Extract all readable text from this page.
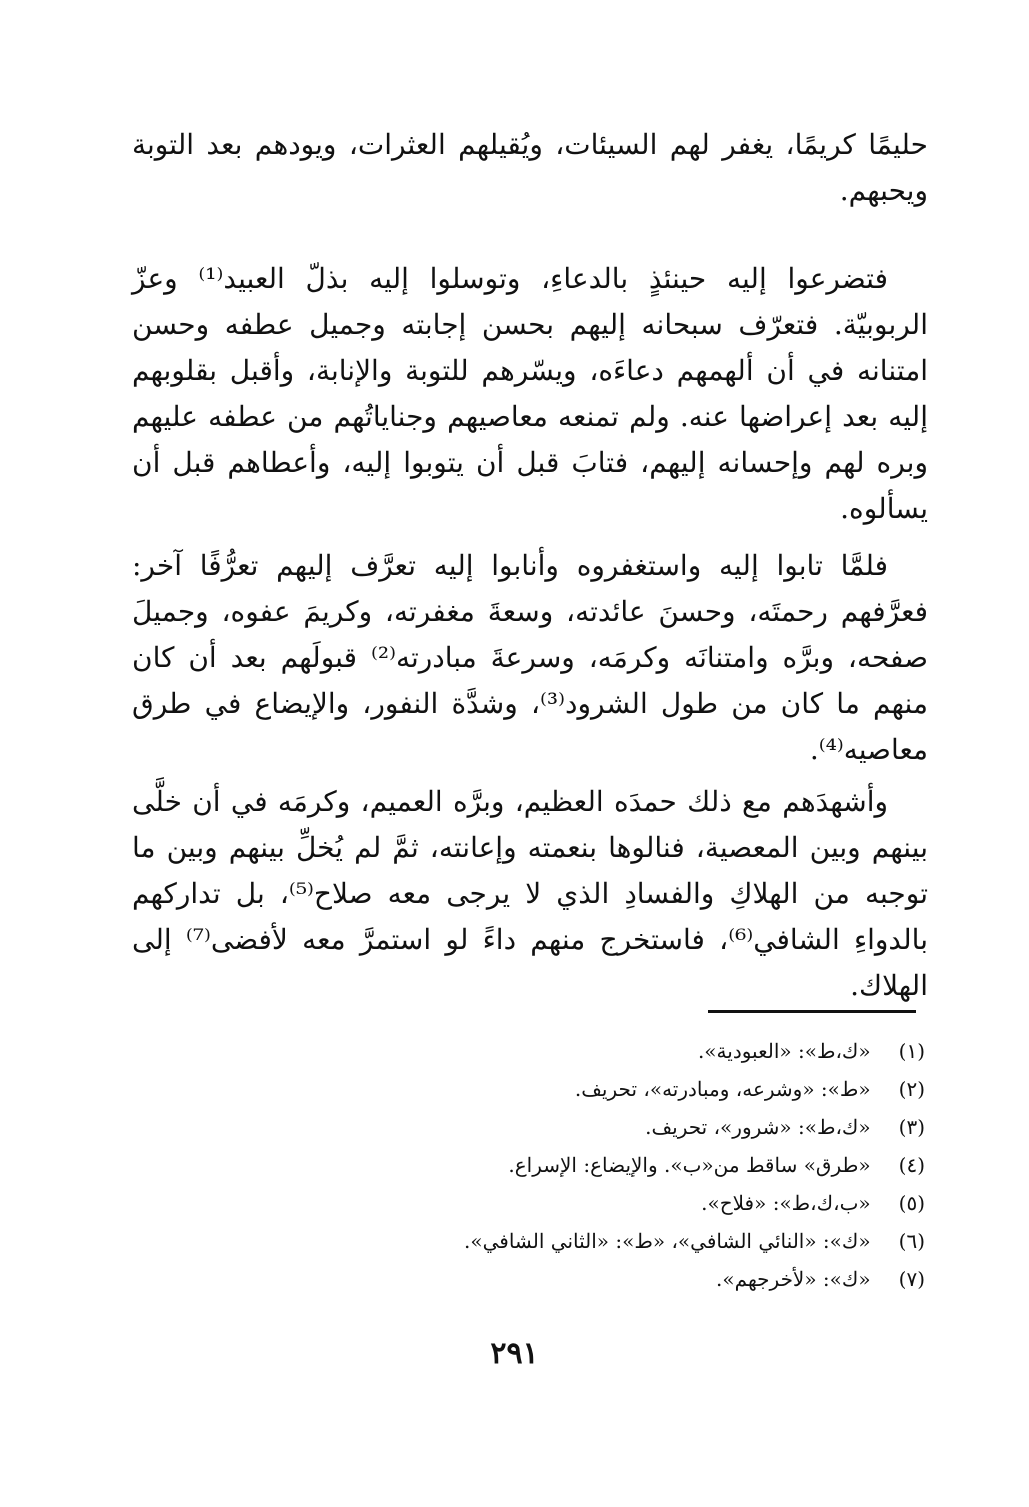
حليمًا كريمًا، يغفر لهم السيئات، ويُقيلهم العثرات، ويودهم بعد التوبة ويحبهم.

فتضرعوا إليه حينئذٍ بالدعاءِ، وتوسلوا إليه بذلّ العبيد⁽¹⁾ وعزّ الربوبيّة. فتعرّف سبحانه إليهم بحسن إجابته وجميل عطفه وحسن امتنانه في أن ألهمهم دعاءَه، ويسّرهم للتوبة والإنابة، وأقبل بقلوبهم إليه بعد إعراضها عنه. ولم تمنعه معاصيهم وجناياتُهم من عطفه عليهم وبره لهم وإحسانه إليهم، فتابَ قبل أن يتوبوا إليه، وأعطاهم قبل أن يسألوه.

فلمَّا تابوا إليه واستغفروه وأنابوا إليه تعرَّف إليهم تعرُّفًا آخر: فعرَّفهم رحمتَه، وحسنَ عائدته، وسعةَ مغفرته، وكريمَ عفوه، وجميلَ صفحه، وبرَّه وامتنانَه وكرمَه، وسرعةَ مبادرته⁽²⁾ قبولَهم بعد أن كان منهم ما كان من طول الشرود⁽³⁾، وشدَّة النفور، والإيضاع في طرق معاصيه⁽⁴⁾.

وأشهدَهم مع ذلك حمدَه العظيم، وبرَّه العميم، وكرمَه في أن خلَّى بينهم وبين المعصية، فنالوها بنعمته وإعانته، ثمَّ لم يُخلِّ بينهم وبين ما توجبه من الهلاكِ والفسادِ الذي لا يرجى معه صلاح⁽⁵⁾، بل تداركهم بالدواءِ الشافي⁽⁶⁾، فاستخرج منهم داءً لو استمرَّ معه لأفضى⁽⁷⁾ إلى الهلاك.

(١) «ك،ط»: «العبودية».
(٢) «ط»: «وشرعه، ومبادرته»، تحريف.
(٣) «ك،ط»: «شرور»، تحريف.
(٤) «طرق» ساقط من«ب». والإيضاع: الإسراع.
(٥) «ب،ك،ط»: «فلاح».
(٦) «ك»: «النائي الشافي»، «ط»: «الثاني الشافي».
(٧) «ك»: «لأخرجهم».
٢٩١
